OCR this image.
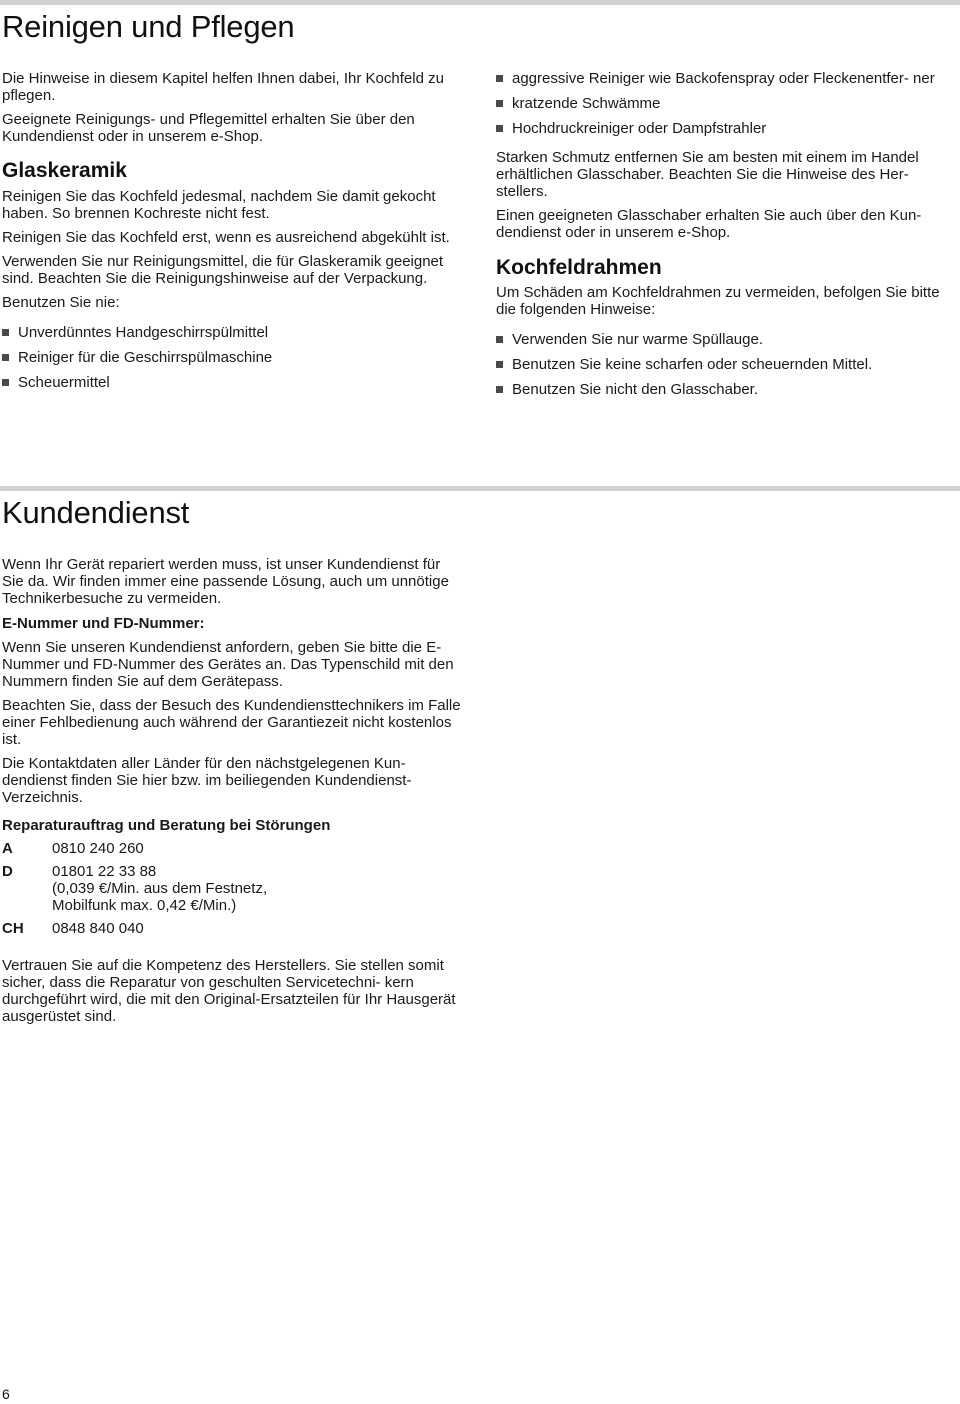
Reinigen und Pflegen

Die Hinweise in diesem Kapitel helfen Ihnen dabei, Ihr Kochfeld zu pflegen.

Geeignete Reinigungs- und Pflegemittel erhalten Sie über den Kundendienst oder in unserem e-Shop.

Glaskeramik

Reinigen Sie das Kochfeld jedesmal, nachdem Sie damit gekocht haben. So brennen Kochreste nicht fest.

Reinigen Sie das Kochfeld erst, wenn es ausreichend abgekühlt ist.

Verwenden Sie nur Reinigungsmittel, die für Glaskeramik geeignet sind. Beachten Sie die Reinigungshinweise auf der Verpackung.

Benutzen Sie nie:

Unverdünntes Handgeschirrspülmittel
Reiniger für die Geschirrspülmaschine
Scheuermittel
aggressive Reiniger wie Backofenspray oder Fleckenentfer- ner
kratzende Schwämme
Hochdruckreiniger oder Dampfstrahler

Starken Schmutz entfernen Sie am besten mit einem im Handel erhältlichen Glasschaber. Beachten Sie die Hinweise des Her- stellers.

Einen geeigneten Glasschaber erhalten Sie auch über den Kun- dendienst oder in unserem e-Shop.

Kochfeldrahmen

Um Schäden am Kochfeldrahmen zu vermeiden, befolgen Sie bitte die folgenden Hinweise:

Verwenden Sie nur warme Spüllauge.
Benutzen Sie keine scharfen oder scheuernden Mittel.
Benutzen Sie nicht den Glasschaber.
Kundendienst

Wenn Ihr Gerät repariert werden muss, ist unser Kundendienst für Sie da. Wir finden immer eine passende Lösung, auch um unnötige Technikerbesuche zu vermeiden.

E-Nummer und FD-Nummer:

Wenn Sie unseren Kundendienst anfordern, geben Sie bitte die E-Nummer und FD-Nummer des Gerätes an. Das Typenschild mit den Nummern finden Sie auf dem Gerätepass.

Beachten Sie, dass der Besuch des Kundendiensttechnikers im Falle einer Fehlbedienung auch während der Garantiezeit nicht kostenlos ist.

Die Kontaktdaten aller Länder für den nächstgelegenen Kun- dendienst finden Sie hier bzw. im beiliegenden Kundendienst- Verzeichnis.

Reparaturauftrag und Beratung bei Störungen
A	0810 240 260

D	01801 22 33 88
(0,039 €/Min. aus dem Festnetz,
Mobilfunk max. 0,42 €/Min.)

CH	0848 840 040

Vertrauen Sie auf die Kompetenz des Herstellers. Sie stellen somit sicher, dass die Reparatur von geschulten Servicetechni- kern durchgeführt wird, die mit den Original-Ersatzteilen für Ihr Hausgerät ausgerüstet sind.

6
